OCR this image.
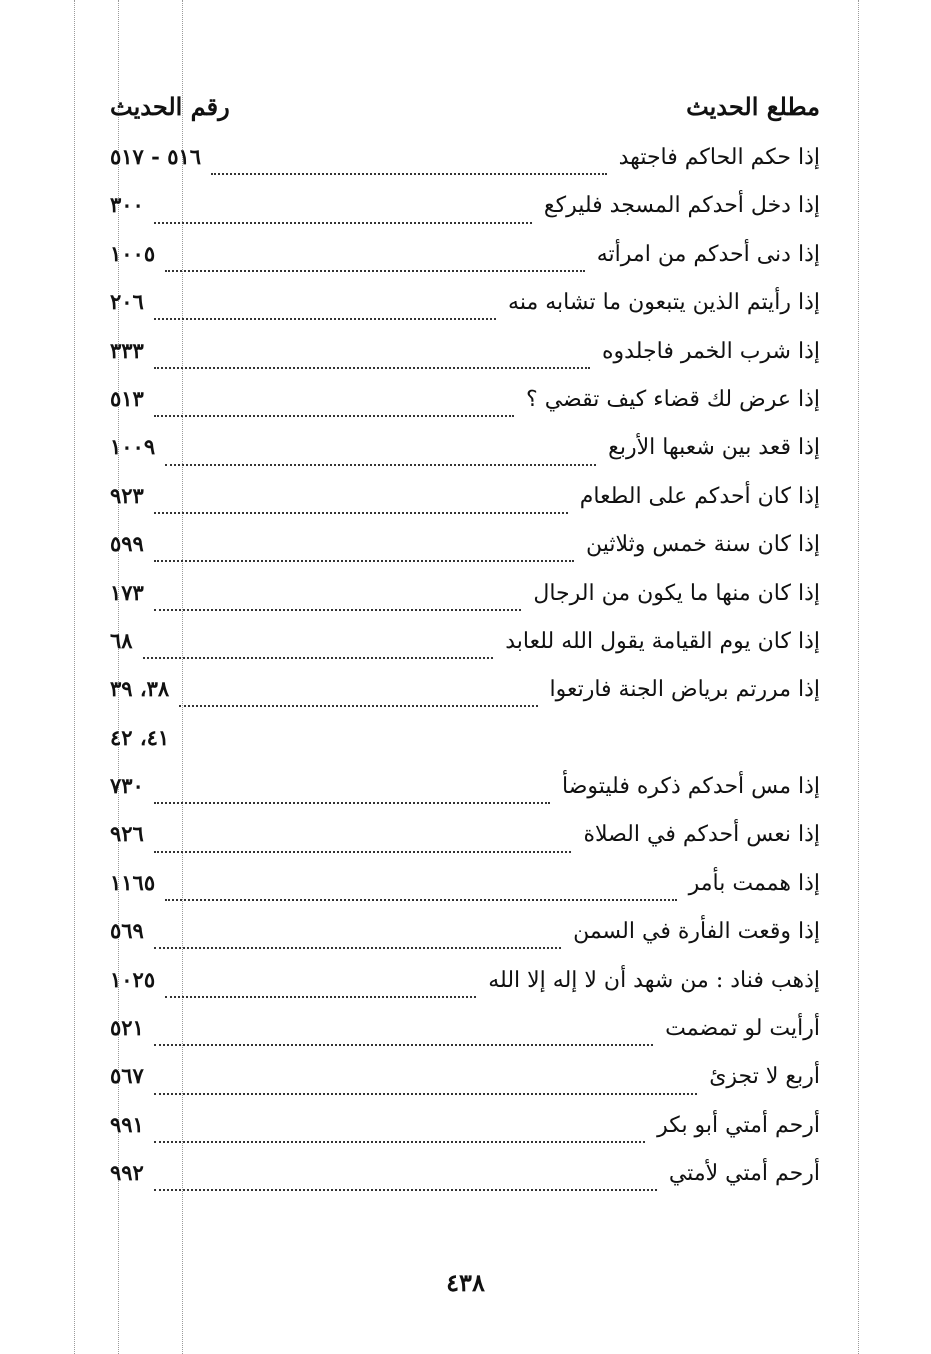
مطلع الحديث
رقم الحديث
إذا حكم الحاكم فاجتهد
٥١٦ - ٥١٧
إذا دخل أحدكم المسجد فليركع
٣٠٠
إذا دنى أحدكم من امرأته
١٠٠٥
إذا رأيتم الذين يتبعون ما تشابه منه
٢٠٦
إذا شرب الخمر فاجلدوه
٣٣٣
إذا عرض لك قضاء كيف تقضي ؟
٥١٣
إذا قعد بين شعبها الأربع
١٠٠٩
إذا كان أحدكم على الطعام
٩٢٣
إذا كان سنة خمس وثلاثين
٥٩٩
إذا كان منها ما يكون من الرجال
١٧٣
إذا كان يوم القيامة يقول الله للعابد
٦٨
إذا مررتم برياض الجنة فارتعوا
٣٨، ٣٩
٤١، ٤٢
إذا مس أحدكم ذكره فليتوضأ
٧٣٠
إذا نعس أحدكم في الصلاة
٩٢٦
إذا هممت بأمر
١١٦٥
إذا وقعت الفأرة في السمن
٥٦٩
إذهب فناد : من شهد أن لا إله إلا الله
١٠٢٥
أرأيت لو تمضمت
٥٢١
أربع لا تجزئ
٥٦٧
أرحم أمتي أبو بكر
٩٩١
أرحم أمتي لأمتي
٩٩٢
٤٣٨
